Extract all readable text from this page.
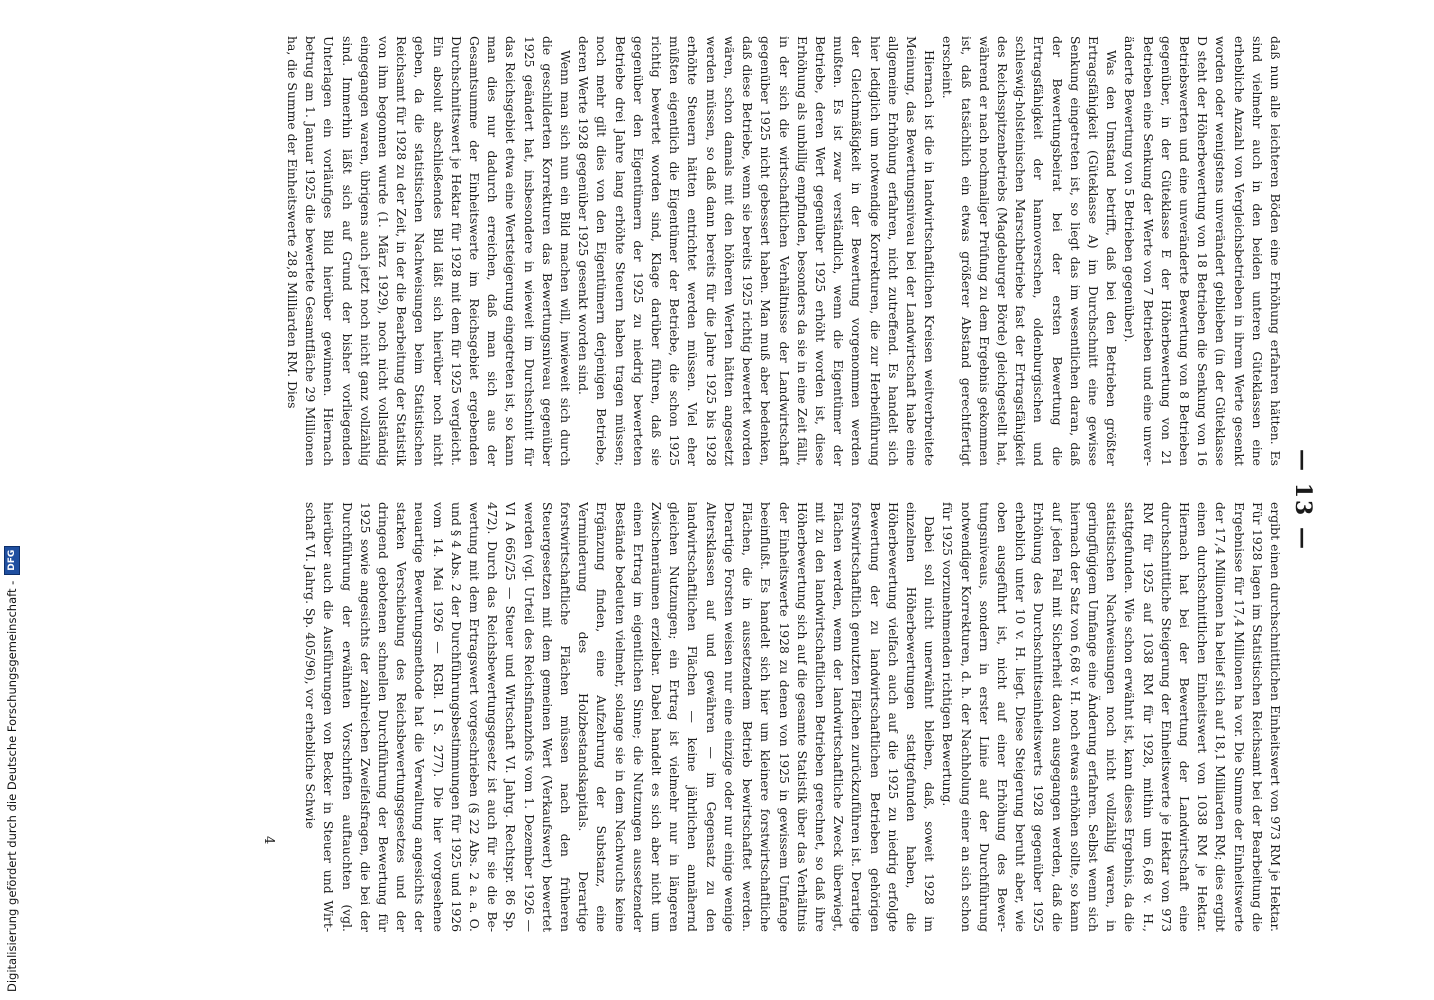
— 13 —

daß nun alle leichteren Böden eine Erhöhung erfahren hätten. Es sind vielmehr auch in den beiden unteren Güteklassen eine erhebliche Anzahl von Vergleichsbetrieben in ihrem Werte gesenkt worden oder wenigstens unverändert geblieben (in der Güteklasse D steht der Höherbewertung von 18 Betrieben die Senkung von 16 Betriebswerten und eine unveränderte Bewertung von 8 Betrieben gegenüber, in der Güteklasse E der Höherbewertung von 21 Betrieben eine Senkung der Werte von 7 Betrieben und eine unveränderte Bewertung von 5 Betrieben gegenüber).

Was den Umstand betrifft, daß bei den Betrieben größter Ertragsfähigkeit (Güteklasse A) im Durchschnitt eine gewisse Senkung eingetreten ist, so liegt das im wesentlichen daran, daß der Bewertungsbeirat bei der ersten Bewertung die Ertragsfähigkeit der hannoverschen, oldenburgischen und schleswig-holsteinischen Marschbetriebe fast der Ertragsfähigkeit des Reichsspitzenbetriebs (Magdeburger Börde) gleichgestellt hat, während er nach nochmaliger Prüfung zu dem Ergebnis gekommen ist, daß tatsächlich ein etwas größerer Abstand gerechtfertigt erscheint.

Hiernach ist die in landwirtschaftlichen Kreisen weitverbreitete Meinung, das Bewertungsniveau bei der Landwirtschaft habe eine allgemeine Erhöhung erfahren, nicht zutreffend. Es handelt sich hier lediglich um notwendige Korrekturen, die zur Herbeiführung der Gleichmäßigkeit in der Bewertung vorgenommen werden mußten. Es ist zwar verständlich, wenn die Eigentümer der Betriebe, deren Wert gegenüber 1925 erhöht worden ist, diese Erhöhung als unbillig empfinden, besonders da sie in eine Zeit fällt, in der sich die wirtschaftlichen Verhältnisse der Landwirtschaft gegenüber 1925 nicht gebessert haben. Man muß aber bedenken, daß diese Betriebe, wenn sie bereits 1925 richtig bewertet worden wären, schon damals mit den höheren Werten hätten angesetzt werden müssen, so daß dann bereits für die Jahre 1925 bis 1928 erhöhte Steuern hätten entrichtet werden müssen. Viel eher müßten eigentlich die Eigentümer der Betriebe, die schon 1925 richtig bewertet worden sind, Klage darüber führen, daß sie gegenüber den Eigentümern der 1925 zu niedrig bewerteten Betriebe drei Jahre lang erhöhte Steuern haben tragen müssen; noch mehr gilt dies von den Eigentümern derjenigen Betriebe, deren Werte 1928 gegenüber 1925 gesenkt worden sind.

Wenn man sich nun ein Bild machen will, inwieweit sich durch die geschilderten Korrekturen das Bewertungsniveau gegenüber 1925 geändert hat, insbesondere in wieweit im Durchschnitt für das Reichsgebiet etwa eine Wertsteigerung eingetreten ist, so kann man dies nur dadurch erreichen, daß man sich aus der Gesamtsumme der Einheitswerte im Reichsgebiet ergebenden Durchschnittswert je Hektar für 1928 mit dem für 1925 vergleicht. Ein absolut abschließendes Bild läßt sich hierüber noch nicht geben, da die statistischen Nachweisungen beim Statistischen Reichsamt für 1928 zu der Zeit, in der die Bearbeitung der Statistik von ihm begonnen wurde (1. März 1929), noch nicht vollständig eingegangen waren, übrigens auch jetzt noch nicht ganz vollzählig sind. Immerhin läßt sich auf Grund der bisher vorliegenden Unterlagen ein vorläufiges Bild hierüber gewinnen. Hiernach betrug am 1. Januar 1925 die bewertete Gesamtfläche 29 Millionen ha, die Summe der Einheitswerte 28,8 Milliarden RM. Dies

ergibt einen durchschnittlichen Einheitswert von 973 RM je Hektar. Für 1928 lagen im Statistischen Reichsamt bei der Bearbeitung die Ergebnisse für 17,4 Millionen ha vor. Die Summe der Einheitswerte der 17,4 Millionen ha belief sich auf 18,1 Milliarden RM; dies ergibt einen durchschnittlichen Einheitswert von 1038 RM je Hektar. Hiernach hat bei der Bewertung der Landwirtschaft eine durchschnittliche Steigerung der Einheitswerte je Hektar von 973 RM für 1925 auf 1038 RM für 1928, mithin um 6,68 v. H., stattgefunden. Wie schon erwähnt ist, kann dieses Ergebnis, da die statistischen Nachweisungen noch nicht vollzählig waren, in geringfügigem Umfange eine Änderung erfahren. Selbst wenn sich hiernach der Satz von 6,68 v. H. noch etwas erhöhen sollte, so kann auf jeden Fall mit Sicherheit davon ausgegangen werden, daß die Erhöhung des Durchschnittseinheitswerts 1928 gegenüber 1925 erheblich unter 10 v. H. liegt. Diese Steigerung beruht aber, wie oben ausgeführt ist, nicht auf einer Erhöhung des Bewertungsniveaus, sondern in erster Linie auf der Durchführung notwendiger Korrekturen, d. h. der Nachholung einer an sich schon für 1925 vorzunehmenden richtigen Bewertung.

Dabei soll nicht unerwähnt bleiben, daß, soweit 1928 im einzelnen Höherbewertungen stattgefunden haben, die Höherbewertung vielfach auch auf die 1925 zu niedrig erfolgte Bewertung der zu landwirtschaftlichen Betrieben gehörigen forstwirtschaftlich genutzten Flächen zurückzuführen ist. Derartige Flächen werden, wenn der landwirtschaftliche Zweck überwiegt, mit zu den landwirtschaftlichen Betrieben gerechnet, so daß ihre Höherbewertung sich auf die gesamte Statistik über das Verhältnis der Einheitswerte 1928 zu denen von 1925 in gewissem Umfange beeinflußt. Es handelt sich hier um kleinere forstwirtschaftliche Flächen, die in aussetzendem Betrieb bewirtschaftet werden. Derartige Forsten weisen nur eine einzige oder nur einige wenige Altersklassen auf und gewähren — im Gegensatz zu den landwirtschaftlichen Flächen — keine jährlichen annähernd gleichen Nutzungen; ein Ertrag ist vielmehr nur in längeren Zwischenräumen erzielbar. Dabei handelt es sich aber nicht um einen Ertrag im eigentlichen Sinne; die Nutzungen aussetzender Bestände bedeuten vielmehr, solange sie in dem Nachwuchs keine Ergänzung finden, eine Aufzehrung der Substanz, eine Verminderung des Holzbestandskapitals. Derartige forstwirtschaftliche Flächen müssen nach den früheren Steuergesetzen mit dem gemeinen Wert (Verkaufswert) bewertet werden (vgl. Urteil des Reichsfinanzhofs vom 1. Dezember 1926 — VI A 665/25 — Steuer und Wirtschaft VI. Jahrg. Rechtspr. 86 Sp. 472). Durch das Reichsbewertungsgesetz ist auch für sie die Bewertung mit dem Ertragswert vorgeschrieben (§ 22 Abs. 2 a. a. O. und § 4 Abs. 2 der Durchführungsbestimmungen für 1925 und 1926 vom 14. Mai 1926 — RGBl. I S. 277). Die hier vorgesehene neuartige Bewertungsmethode hat die Verwaltung angesichts der starken Verschiebung des Reichsbewertungsgesetzes und der dringend gebotenen schnellen Durchführung der Bewertung für 1925 sowie angesichts der zahlreichen Zweifelsfragen, die bei der Durchführung der erwähnten Vorschriften auftauchten (vgl. hierüber auch die Ausführungen von Becker in Steuer und Wirtschaft VI. Jahrg. Sp. 405/96), vor erhebliche Schwie

4
Digitalisierung gefördert durch die Deutsche Forschungsgemeinschaft -
DFG
